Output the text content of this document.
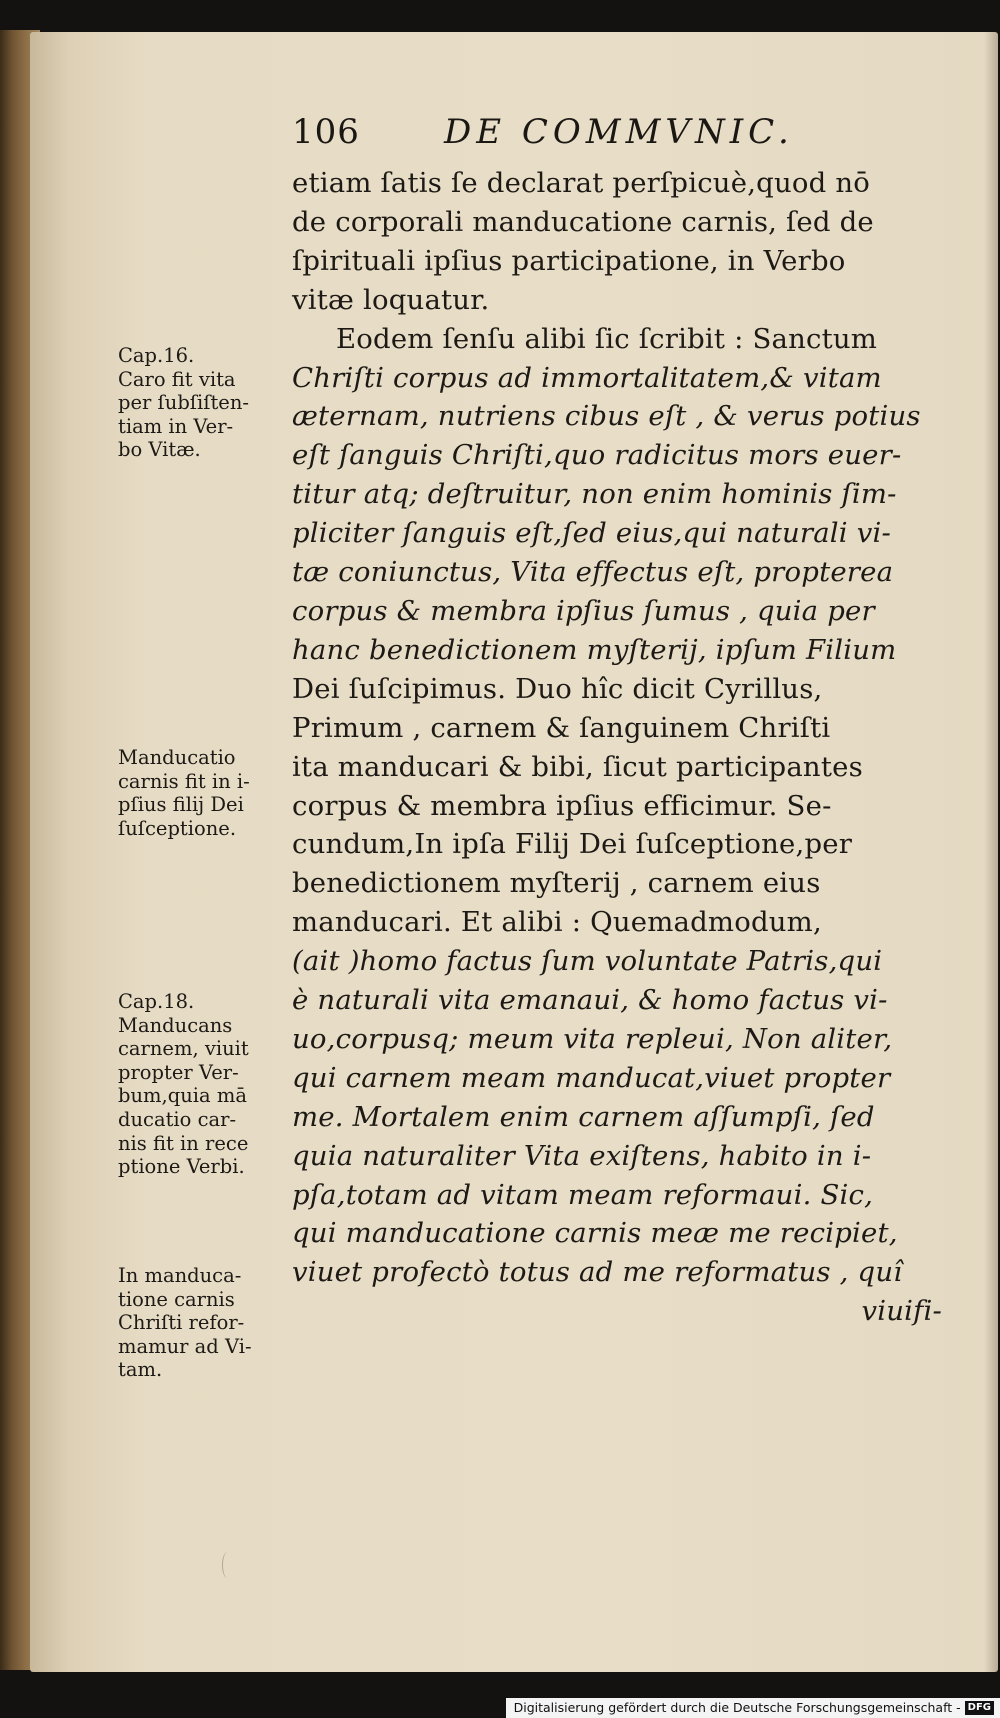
106 DE COMMVNIC.
etiam ſatis ſe declarat perſpicuè,quod nō
de corporali manducatione carnis, ſed de
ſpirituali ipſius participatione, in Verbo
vitæ loquatur.
Eodem ſenſu alibi ſic ſcribit : Sanctum
Chriſti corpus ad immortalitatem,& vitam
æternam, nutriens cibus eſt , & verus potius
eſt ſanguis Chriſti,quo radicitus mors euer-
titur atq; deſtruitur, non enim hominis ſim-
pliciter ſanguis eſt,ſed eius,qui naturali vi-
tæ coniunctus, Vita effectus eſt, propterea
corpus & membra ipſius ſumus , quia per
hanc benedictionem myſterij, ipſum Filium
Dei ſuſcipimus. Duo hîc dicit Cyrillus,
Primum , carnem & ſanguinem Chriſti
ita manducari & bibi, ſicut participantes
corpus & membra ipſius efficimur. Se-
cundum,In ipſa Filij Dei ſuſceptione,per
benedictionem myſterij , carnem eius
manducari. Et alibi : Quemadmodum,
(ait )homo factus ſum voluntate Patris,qui
è naturali vita emanaui, & homo factus vi-
uo,corpusq; meum vita repleui, Non aliter,
qui carnem meam manducat,viuet propter
me. Mortalem enim carnem aſſumpſi, ſed
quia naturaliter Vita exiſtens, habito in i-
pſa,totam ad vitam meam reformaui. Sic,
qui manducatione carnis meæ me recipiet,
viuet profectò totus ad me reformatus , quî
viuifi-
Cap.16.
Caro fit vita
per ſubſiſten-
tiam in Ver-
bo Vitæ.
Manducatio
carnis fit in i-
pſius filij Dei
ſuſceptione.
Cap.18.
Manducans
carnem, viuit
propter Ver-
bum,quia mā
ducatio car-
nis fit in rece
ptione Verbi.
In manduca-
tione carnis
Chriſti refor-
mamur ad Vi-
tam.
Digitalisierung gefördert durch die Deutsche Forschungsgemeinschaft - DFG
